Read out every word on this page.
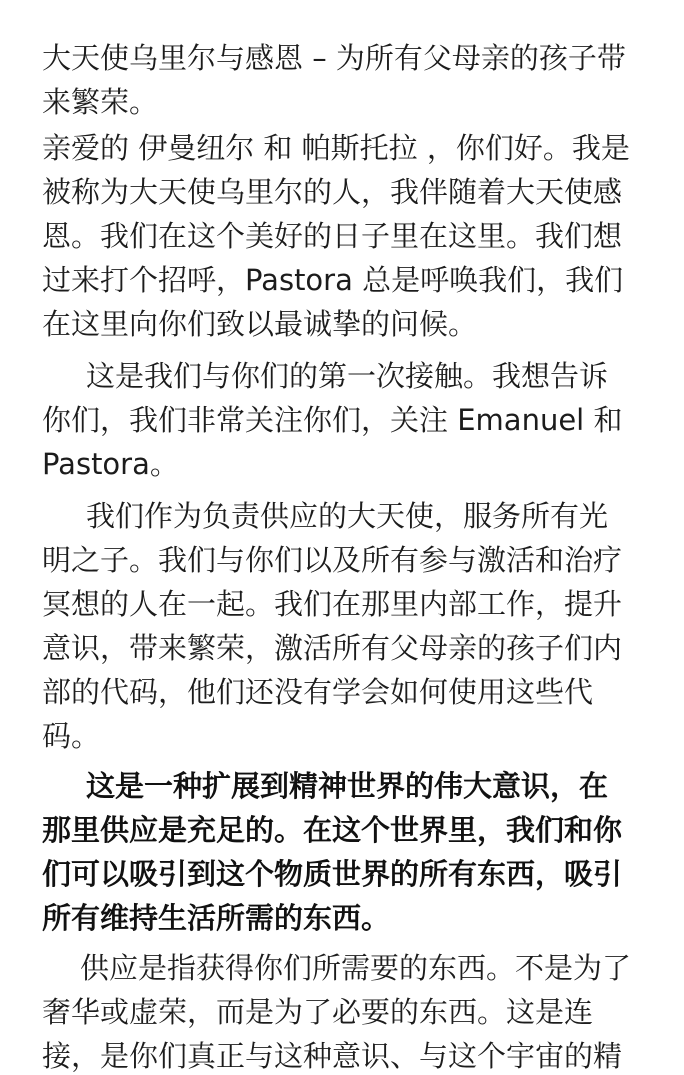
大天使乌里尔与感恩 – 为所有父母亲的孩子带
来繁荣。
亲爱的 伊曼纽尔 和 帕斯托拉 ，你们好。我是
被称为大天使乌里尔的人，我伴随着大天使感
恩。我们在这个美好的日子里在这里。我们想
过来打个招呼，Pastora 总是呼唤我们，我们
在这里向你们致以最诚挚的问候。
这是我们与你们的第一次接触。我想告诉
你们，我们非常关注你们，关注 Emanuel 和
Pastora。
我们作为负责供应的大天使，服务所有光
明之子。我们与你们以及所有参与激活和治疗
冥想的人在一起。我们在那里内部工作，提升
意识，带来繁荣，激活所有父母亲的孩子们内
部的代码，他们还没有学会如何使用这些代
码。
这是一种扩展到精神世界的伟大意识，在
那里供应是充足的。在这个世界里，我们和你
们可以吸引到这个物质世界的所有东西，吸引
所有维持生活所需的东西。
供应是指获得你们所需要的东西。不是为了
奢华或虚荣，而是为了必要的东西。这是连
接，是你们真正与这种意识、与这个宇宙的精
